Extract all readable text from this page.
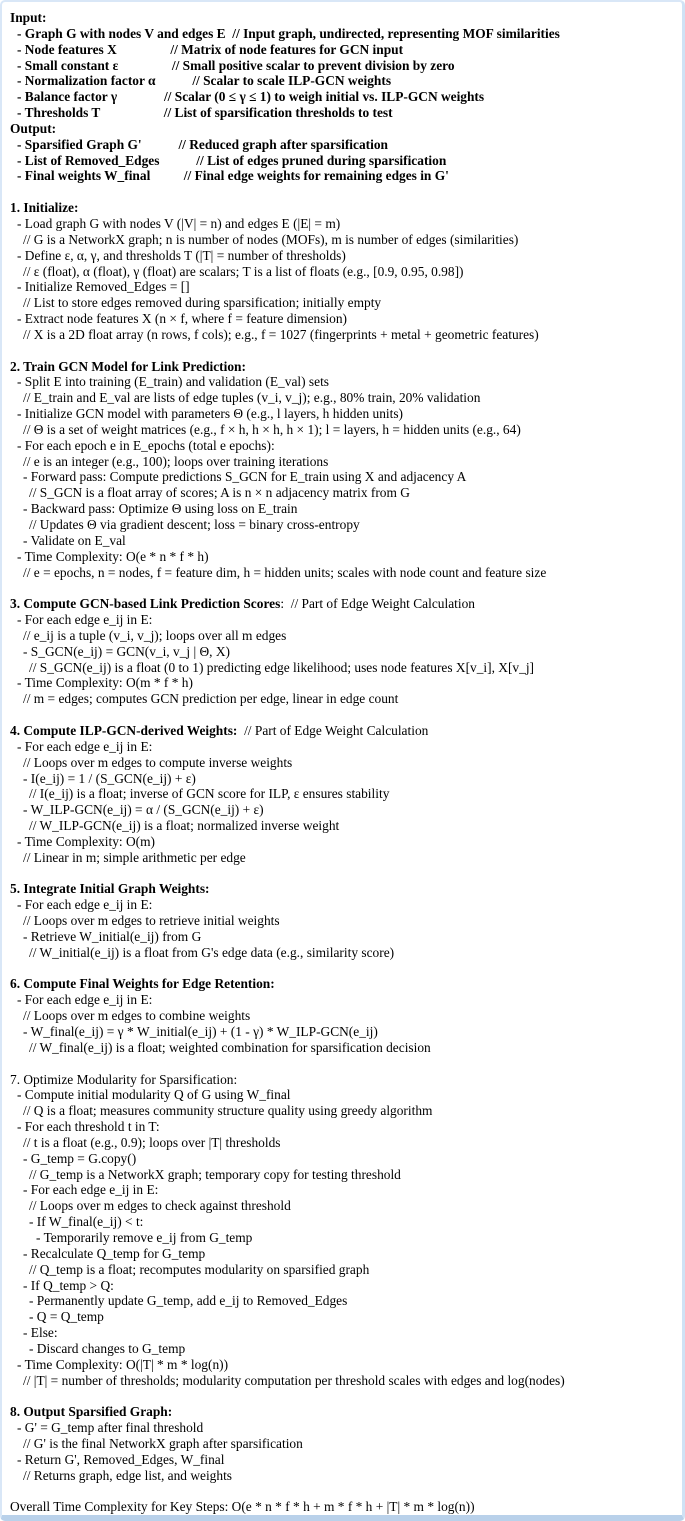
Input:
- Graph G with nodes V and edges E  // Input graph, undirected, representing MOF similarities
- Node features X                // Matrix of node features for GCN input
- Small constant ε                // Small positive scalar to prevent division by zero
- Normalization factor α           // Scalar to scale ILP-GCN weights
- Balance factor γ              // Scalar (0 ≤ γ ≤ 1) to weigh initial vs. ILP-GCN weights
- Thresholds T                   // List of sparsification thresholds to test
Output:
- Sparsified Graph G'           // Reduced graph after sparsification
- List of Removed_Edges           // List of edges pruned during sparsification
- Final weights W_final          // Final edge weights for remaining edges in G'
1. Initialize:
- Load graph G with nodes V (|V| = n) and edges E (|E| = m)
// G is a NetworkX graph; n is number of nodes (MOFs), m is number of edges (similarities)
- Define ε, α, γ, and thresholds T (|T| = number of thresholds)
// ε (float), α (float), γ (float) are scalars; T is a list of floats (e.g., [0.9, 0.95, 0.98])
- Initialize Removed_Edges = []
// List to store edges removed during sparsification; initially empty
- Extract node features X (n × f, where f = feature dimension)
// X is a 2D float array (n rows, f cols); e.g., f = 1027 (fingerprints + metal + geometric features)
2. Train GCN Model for Link Prediction:
- Split E into training (E_train) and validation (E_val) sets
// E_train and E_val are lists of edge tuples (v_i, v_j); e.g., 80% train, 20% validation
- Initialize GCN model with parameters Θ (e.g., l layers, h hidden units)
// Θ is a set of weight matrices (e.g., f × h, h × h, h × 1); l = layers, h = hidden units (e.g., 64)
- For each epoch e in E_epochs (total e epochs):
// e is an integer (e.g., 100); loops over training iterations
- Forward pass: Compute predictions S_GCN for E_train using X and adjacency A
// S_GCN is a float array of scores; A is n × n adjacency matrix from G
- Backward pass: Optimize Θ using loss on E_train
// Updates Θ via gradient descent; loss = binary cross-entropy
- Validate on E_val
- Time Complexity: O(e * n * f * h)
// e = epochs, n = nodes, f = feature dim, h = hidden units; scales with node count and feature size
3. Compute GCN-based Link Prediction Scores:  // Part of Edge Weight Calculation
- For each edge e_ij in E:
// e_ij is a tuple (v_i, v_j); loops over all m edges
- S_GCN(e_ij) = GCN(v_i, v_j | Θ, X)
// S_GCN(e_ij) is a float (0 to 1) predicting edge likelihood; uses node features X[v_i], X[v_j]
- Time Complexity: O(m * f * h)
// m = edges; computes GCN prediction per edge, linear in edge count
4. Compute ILP-GCN-derived Weights:  // Part of Edge Weight Calculation
- For each edge e_ij in E:
// Loops over m edges to compute inverse weights
- I(e_ij) = 1 / (S_GCN(e_ij) + ε)
// I(e_ij) is a float; inverse of GCN score for ILP, ε ensures stability
- W_ILP-GCN(e_ij) = α / (S_GCN(e_ij) + ε)
// W_ILP-GCN(e_ij) is a float; normalized inverse weight
- Time Complexity: O(m)
// Linear in m; simple arithmetic per edge
5. Integrate Initial Graph Weights:
- For each edge e_ij in E:
// Loops over m edges to retrieve initial weights
- Retrieve W_initial(e_ij) from G
// W_initial(e_ij) is a float from G's edge data (e.g., similarity score)
6. Compute Final Weights for Edge Retention:
- For each edge e_ij in E:
// Loops over m edges to combine weights
- W_final(e_ij) = γ * W_initial(e_ij) + (1 - γ) * W_ILP-GCN(e_ij)
// W_final(e_ij) is a float; weighted combination for sparsification decision
7. Optimize Modularity for Sparsification:
- Compute initial modularity Q of G using W_final
// Q is a float; measures community structure quality using greedy algorithm
- For each threshold t in T:
// t is a float (e.g., 0.9); loops over |T| thresholds
- G_temp = G.copy()
// G_temp is a NetworkX graph; temporary copy for testing threshold
- For each edge e_ij in E:
// Loops over m edges to check against threshold
- If W_final(e_ij) < t:
- Temporarily remove e_ij from G_temp
- Recalculate Q_temp for G_temp
// Q_temp is a float; recomputes modularity on sparsified graph
- If Q_temp > Q:
- Permanently update G_temp, add e_ij to Removed_Edges
- Q = Q_temp
- Else:
- Discard changes to G_temp
- Time Complexity: O(|T| * m * log(n))
// |T| = number of thresholds; modularity computation per threshold scales with edges and log(nodes)
8. Output Sparsified Graph:
- G' = G_temp after final threshold
// G' is the final NetworkX graph after sparsification
- Return G', Removed_Edges, W_final
// Returns graph, edge list, and weights
Overall Time Complexity for Key Steps: O(e * n * f * h + m * f * h + |T| * m * log(n))
